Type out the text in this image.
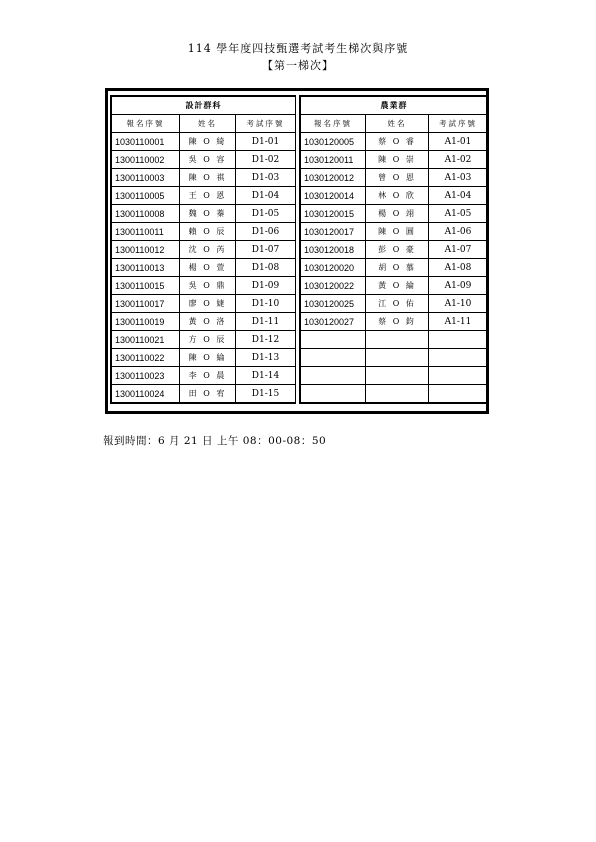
114 學年度四技甄選考試考生梯次與序號
【第一梯次】
設計群科		
報名序號	姓名	考試序號
1030110001	陳 O 綺	D1-01
1300110002	吳 O 容	D1-02
1300110003	陳 O 祺	D1-03
1300110005	王 O 恩	D1-04
1300110008	魏 O 蓁	D1-05
1300110011	賴 O 辰	D1-06
1300110012	沈 O 芮	D1-07
1300110013	楊 O 萱	D1-08
1300110015	吳 O 鼎	D1-09
1300110017	廖 O 婕	D1-10
1300110019	黃 O 洛	D1-11
1300110021	方 O 辰	D1-12
1300110022	陳 O 綸	D1-13
1300110023	李 O 晨	D1-14
1300110024	田 O 宥	D1-15
農業群		
報名序號	姓名	考試序號
1030120005	蔡 O 睿	A1-01
1030120011	陳 O 崇	A1-02
1030120012	曾 O 恩	A1-03
1030120014	林 O 欣	A1-04
1030120015	楊 O 翊	A1-05
1030120017	陳 O 圓	A1-06
1030120018	彭 O 豪	A1-07
1030120020	胡 O 慕	A1-08
1030120022	黃 O 綸	A1-09
1030120025	江 O 佑	A1-10
1030120027	蔡 O 鈞	A1-11

報到時間：6 月 21 日 上午 08：00-08：50
